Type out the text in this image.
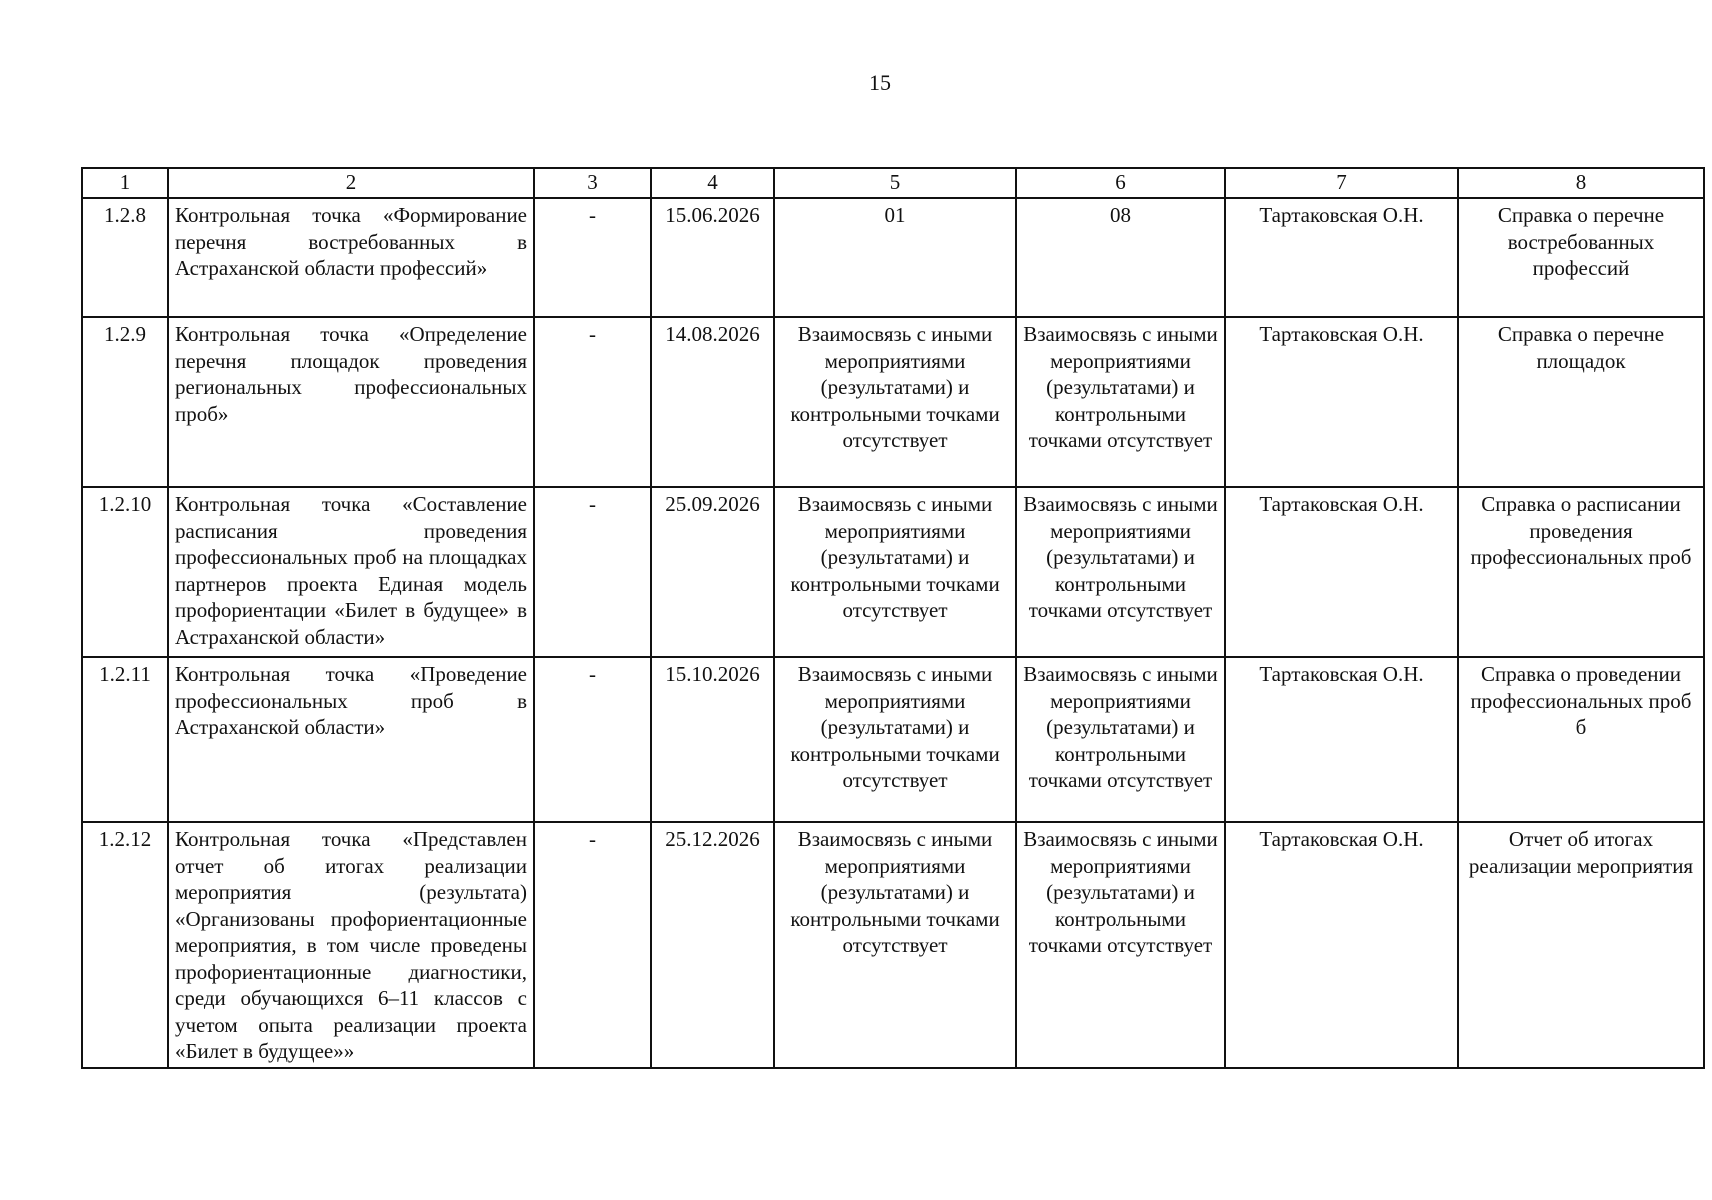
15
1	2	3	4	5	6	7	8
1.2.8	Контрольная точка «Формирование перечня востребованных в Астраханской области профессий»	-	15.06.2026	01	08	Тартаковская О.Н.	Справка о перечне востребованных профессий
1.2.9	Контрольная точка «Определение перечня площадок проведения региональных профессиональных проб»	-	14.08.2026	Взаимосвязь с иными мероприятиями (результатами) и контрольными точками отсутствует	Взаимосвязь с иными мероприятиями (результатами) и контрольными точками отсутствует	Тартаковская О.Н.	Справка о перечне площадок
1.2.10	Контрольная точка «Составление расписания проведения профессиональных проб на площадках партнеров проекта Единая модель профориентации «Билет в будущее» в Астраханской области»	-	25.09.2026	Взаимосвязь с иными мероприятиями (результатами) и контрольными точками отсутствует	Взаимосвязь с иными мероприятиями (результатами) и контрольными точками отсутствует	Тартаковская О.Н.	Справка о расписании проведения профессиональных проб
1.2.11	Контрольная точка «Проведение профессиональных проб в Астраханской области»	-	15.10.2026	Взаимосвязь с иными мероприятиями (результатами) и контрольными точками отсутствует	Взаимосвязь с иными мероприятиями (результатами) и контрольными точками отсутствует	Тартаковская О.Н.	Справка о проведении профессиональных проб б
1.2.12	Контрольная точка «Представлен отчет об итогах реализации мероприятия (результата) «Организованы профориентационные мероприятия, в том числе проведены профориентационные диагностики, среди обучающихся 6–11 классов с учетом опыта реализации проекта «Билет в будущее»»	-	25.12.2026	Взаимосвязь с иными мероприятиями (результатами) и контрольными точками отсутствует	Взаимосвязь с иными мероприятиями (результатами) и контрольными точками отсутствует	Тартаковская О.Н.	Отчет об итогах реализации мероприятия
